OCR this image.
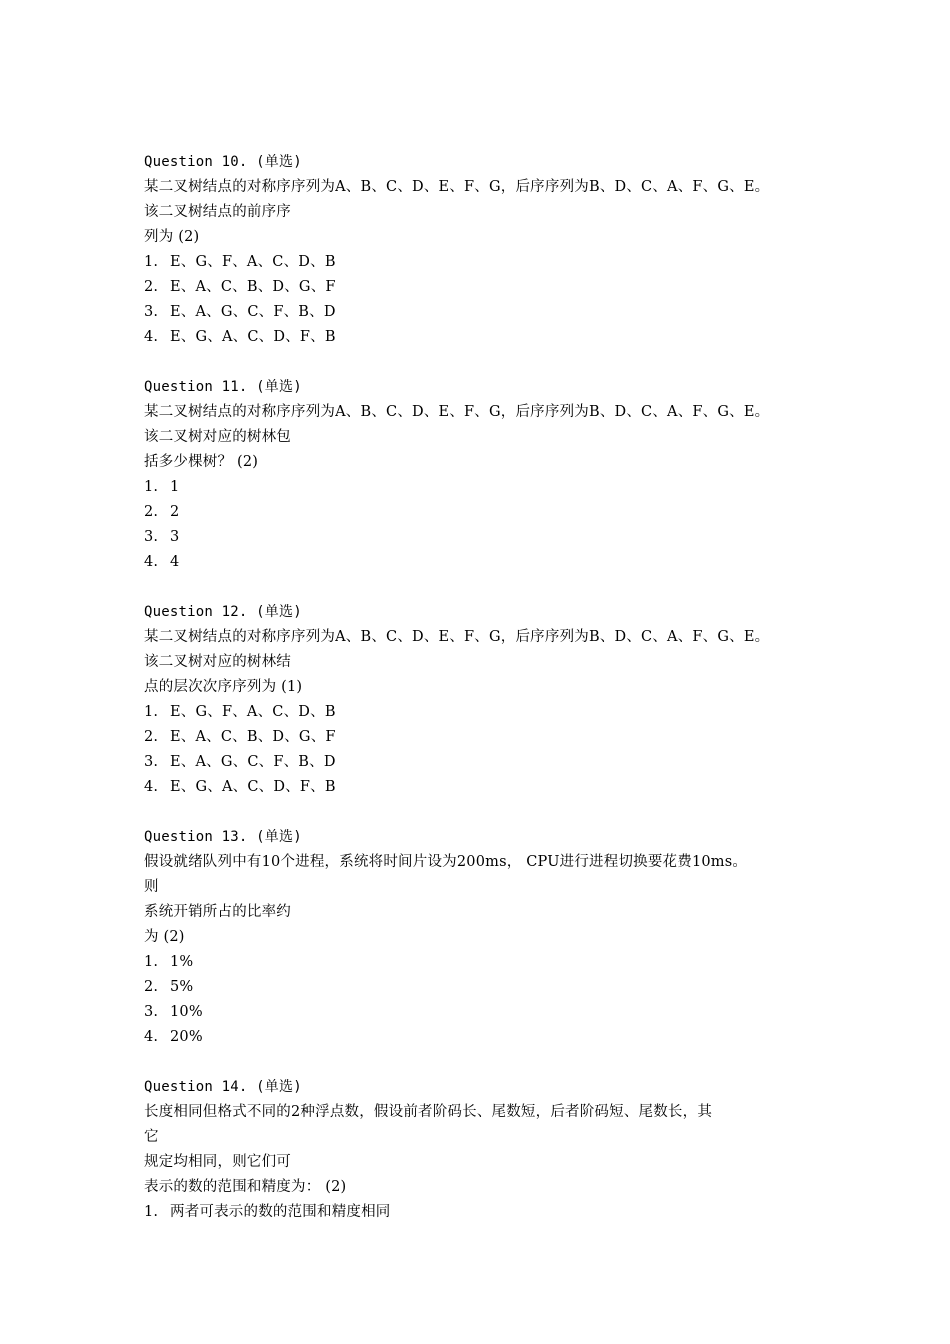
Question 10. (单选)
某二叉树结点的对称序序列为A、B、C、D、E、F、G，后序序列为B、D、C、A、F、G、E。
该二叉树结点的前序序
列为 (2)
1. E、G、F、A、C、D、B
2. E、A、C、B、D、G、F
3. E、A、G、C、F、B、D
4. E、G、A、C、D、F、B
Question 11. (单选)
某二叉树结点的对称序序列为A、B、C、D、E、F、G，后序序列为B、D、C、A、F、G、E。
该二叉树对应的树林包
括多少棵树？ (2)
1. 1
2. 2
3. 3
4. 4
Question 12. (单选)
某二叉树结点的对称序序列为A、B、C、D、E、F、G，后序序列为B、D、C、A、F、G、E。
该二叉树对应的树林结
点的层次次序序列为 (1)
1. E、G、F、A、C、D、B
2. E、A、C、B、D、G、F
3. E、A、G、C、F、B、D
4. E、G、A、C、D、F、B
Question 13. (单选)
假设就绪队列中有10个进程，系统将时间片设为200ms， CPU进行进程切换要花费10ms。
则
系统开销所占的比率约
为 (2)
1. 1%
2. 5%
3. 10%
4. 20%
Question 14. (单选)
长度相同但格式不同的2种浮点数，假设前者阶码长、尾数短，后者阶码短、尾数长，其
它
规定均相同，则它们可
表示的数的范围和精度为： (2)
1. 两者可表示的数的范围和精度相同
